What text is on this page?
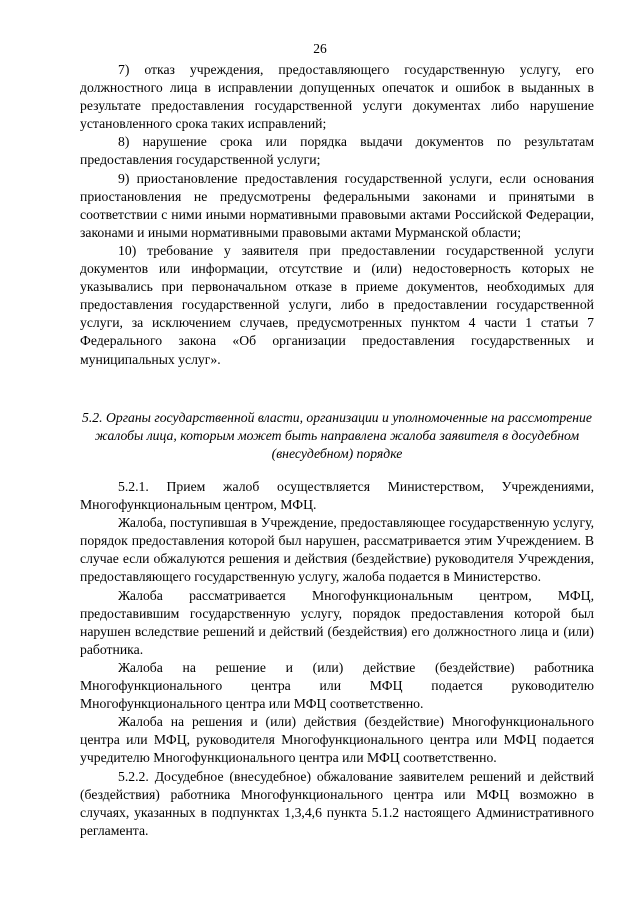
26

7) отказ учреждения, предоставляющего государственную услугу, его должностного лица в исправлении допущенных опечаток и ошибок в выданных в результате предоставления государственной услуги документах либо нарушение установленного срока таких исправлений;

8) нарушение срока или порядка выдачи документов по результатам предоставления государственной услуги;

9) приостановление предоставления государственной услуги, если основания приостановления не предусмотрены федеральными законами и принятыми в соответствии с ними иными нормативными правовыми актами Российской Федерации, законами и иными нормативными правовыми актами Мурманской области;

10) требование у заявителя при предоставлении государственной услуги документов или информации, отсутствие и (или) недостоверность которых не указывались при первоначальном отказе в приеме документов, необходимых для предоставления государственной услуги, либо в предоставлении государственной услуги, за исключением случаев, предусмотренных пунктом 4 части 1 статьи 7 Федерального закона «Об организации предоставления государственных и муниципальных услуг».

5.2. Органы государственной власти, организации и уполномоченные на рассмотрение жалобы лица, которым может быть направлена жалоба заявителя в досудебном (внесудебном) порядке

5.2.1. Прием жалоб осуществляется Министерством, Учреждениями, Многофункциональным центром, МФЦ.

Жалоба, поступившая в Учреждение, предоставляющее государственную услугу, порядок предоставления которой был нарушен, рассматривается этим Учреждением. В случае если обжалуются решения и действия (бездействие) руководителя Учреждения, предоставляющего государственную услугу, жалоба подается в Министерство.

Жалоба рассматривается Многофункциональным центром, МФЦ, предоставившим государственную услугу, порядок предоставления которой был нарушен вследствие решений и действий (бездействия) его должностного лица и (или) работника.

Жалоба на решение и (или) действие (бездействие) работника Многофункционального центра или МФЦ подается руководителю Многофункционального центра или МФЦ соответственно.

Жалоба на решения и (или) действия (бездействие) Многофункционального центра или МФЦ, руководителя Многофункционального центра или МФЦ подается учредителю Многофункционального центра или МФЦ соответственно.

5.2.2. Досудебное (внесудебное) обжалование заявителем решений и действий (бездействия) работника Многофункционального центра или МФЦ возможно в случаях, указанных в подпунктах 1,3,4,6 пункта 5.1.2 настоящего Административного регламента.
